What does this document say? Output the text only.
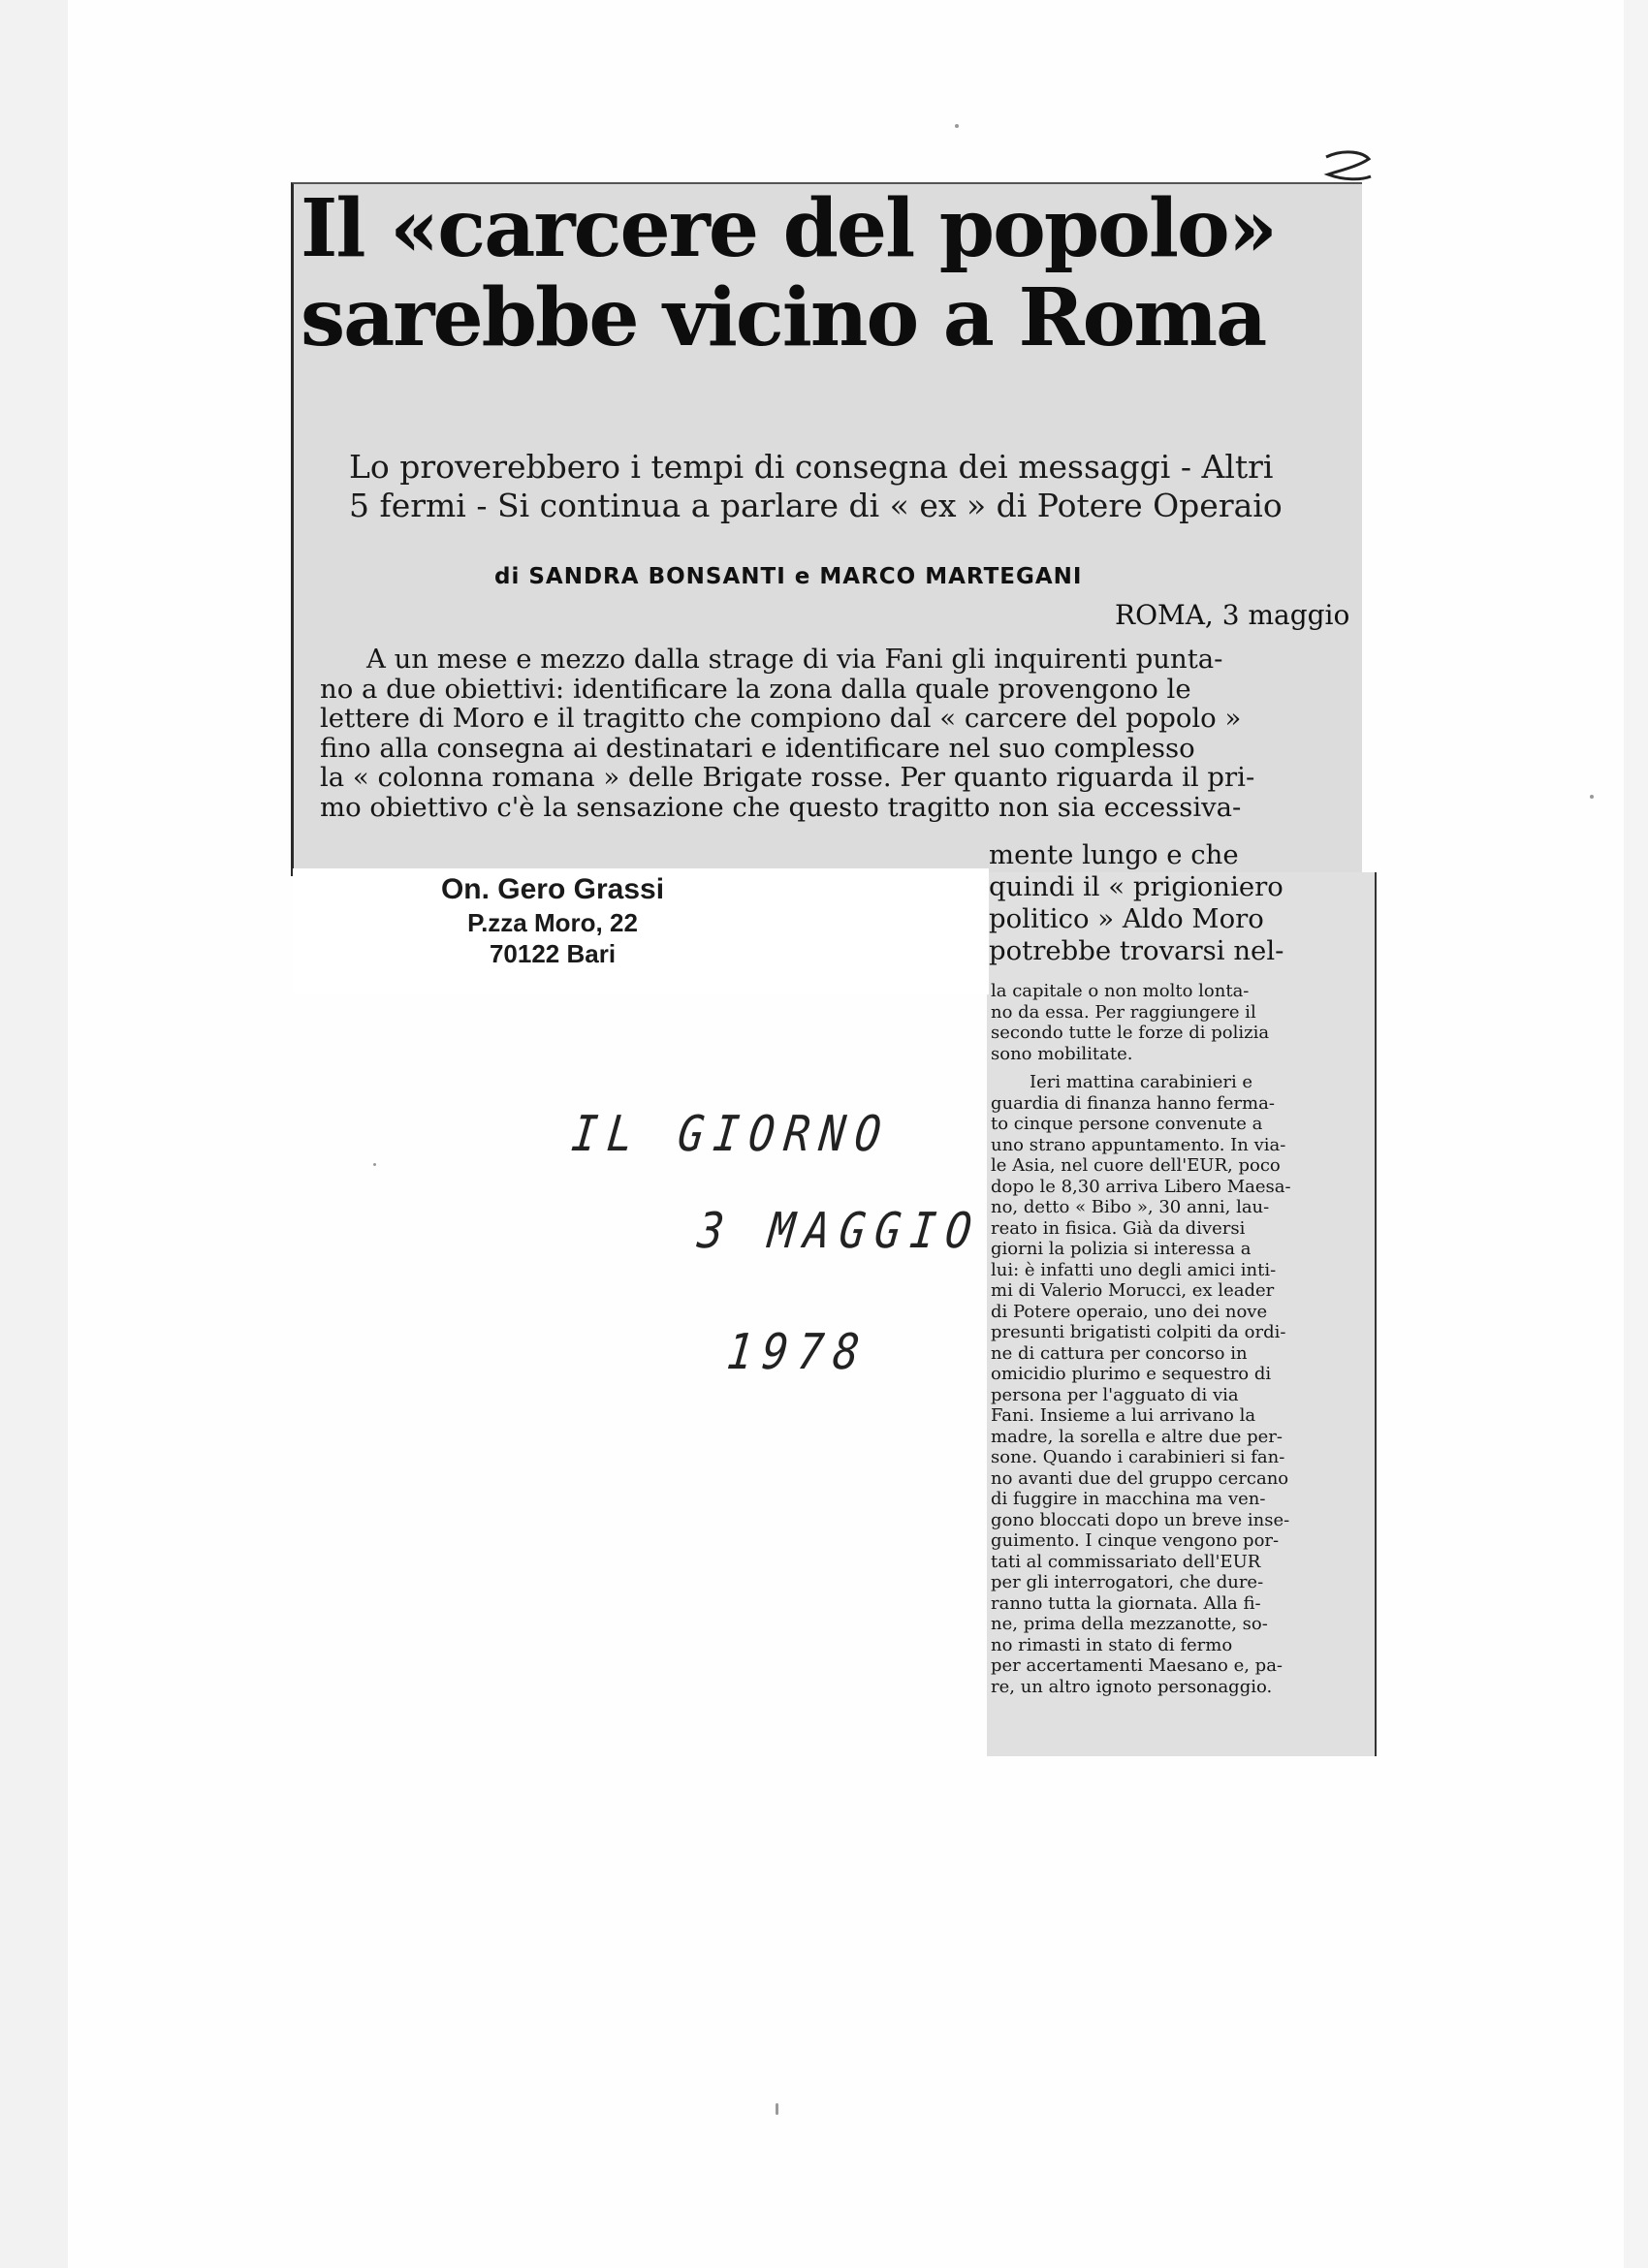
Il «carcere del popolo»
sarebbe vicino a Roma
Lo proverebbero i tempi di consegna dei messaggi - Altri
5 fermi - Si continua a parlare di « ex » di Potere Operaio
di SANDRA BONSANTI e MARCO MARTEGANI
ROMA, 3 maggio
A un mese e mezzo dalla strage di via Fani gli inquirenti punta-
no a due obiettivi: identificare la zona dalla quale provengono le
lettere di Moro e il tragitto che compiono dal « carcere del popolo »
fino alla consegna ai destinatari e identificare nel suo complesso
la « colonna romana » delle Brigate rosse. Per quanto riguarda il pri-
mo obiettivo c'è la sensazione che questo tragitto non sia eccessiva-
mente lungo e che
quindi il « prigioniero
politico » Aldo Moro
potrebbe trovarsi nel-
la capitale o non molto lonta-
no da essa. Per raggiungere il
secondo tutte le forze di polizia
sono mobilitate.
Ieri mattina carabinieri e
guardia di finanza hanno ferma-
to cinque persone convenute a
uno strano appuntamento. In via-
le Asia, nel cuore dell'EUR, poco
dopo le 8,30 arriva Libero Maesa-
no, detto « Bibo », 30 anni, lau-
reato in fisica. Già da diversi
giorni la polizia si interessa a
lui: è infatti uno degli amici inti-
mi di Valerio Morucci, ex leader
di Potere operaio, uno dei nove
presunti brigatisti colpiti da ordi-
ne di cattura per concorso in
omicidio plurimo e sequestro di
persona per l'agguato di via
Fani. Insieme a lui arrivano la
madre, la sorella e altre due per-
sone. Quando i carabinieri si fan-
no avanti due del gruppo cercano
di fuggire in macchina ma ven-
gono bloccati dopo un breve inse-
guimento. I cinque vengono por-
tati al commissariato dell'EUR
per gli interrogatori, che dure-
ranno tutta la giornata. Alla fi-
ne, prima della mezzanotte, so-
no rimasti in stato di fermo
per accertamenti Maesano e, pa-
re, un altro ignoto personaggio.
On. Gero Grassi
P.zza Moro, 22
70122 Bari
IL GIORNO
3 MAGGIO
1978
